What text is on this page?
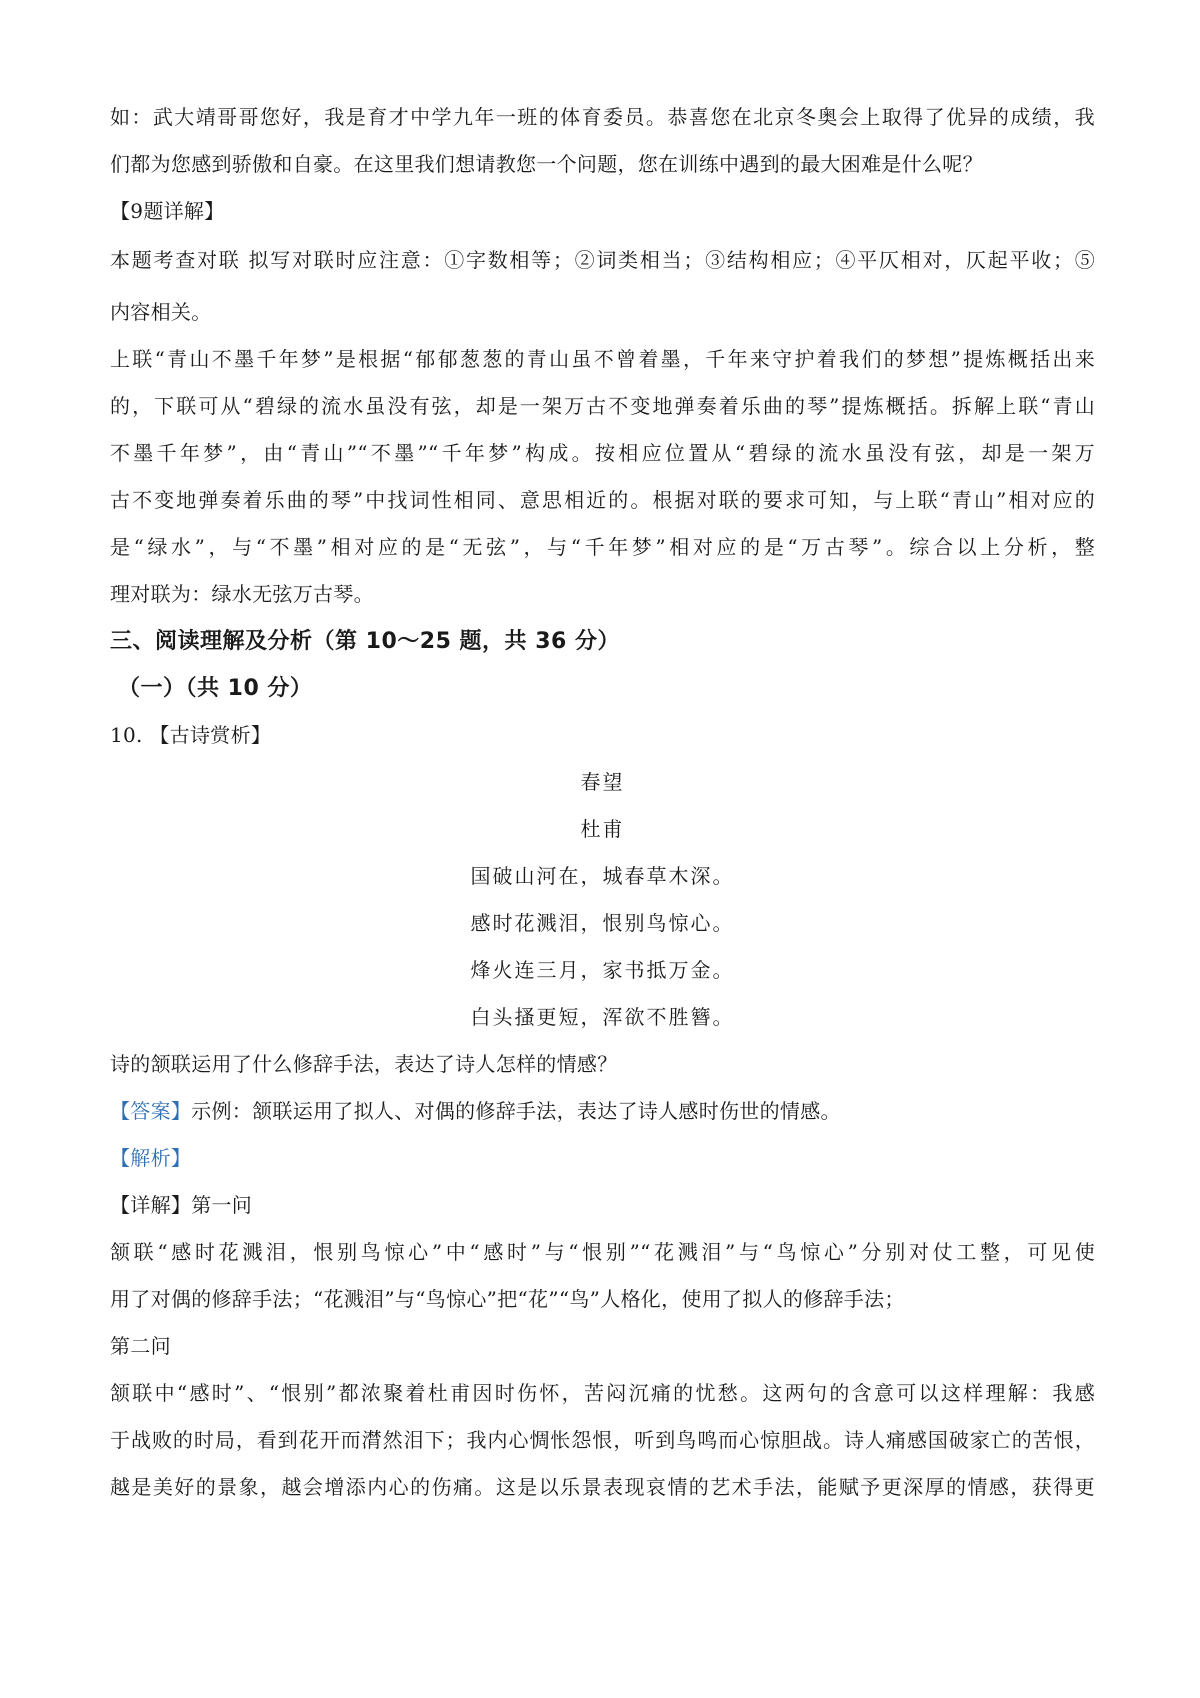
如：武大靖哥哥您好，我是育才中学九年一班的体育委员。恭喜您在北京冬奥会上取得了优异的成绩，我

们都为您感到骄傲和自豪。在这里我们想请教您一个问题，您在训练中遇到的最大困难是什么呢？

【9题详解】

本题考查对联 拟写对联时应注意：①字数相等；②词类相当；③结构相应；④平仄相对，仄起平收；⑤

内容相关。

上联“青山不墨千年梦”是根据“郁郁葱葱的青山虽不曾着墨，千年来守护着我们的梦想”提炼概括出来

的，下联可从“碧绿的流水虽没有弦，却是一架万古不变地弹奏着乐曲的琴”提炼概括。拆解上联“青山

不墨千年梦”，由“青山”“不墨”“千年梦”构成。按相应位置从“碧绿的流水虽没有弦，却是一架万

古不变地弹奏着乐曲的琴”中找词性相同、意思相近的。根据对联的要求可知，与上联“青山”相对应的

是“绿水”，与“不墨”相对应的是“无弦”，与“千年梦”相对应的是“万古琴”。综合以上分析，整

理对联为：绿水无弦万古琴。

三、阅读理解及分析（第 10～25 题，共 36 分）

（一）（共 10 分）

10. 【古诗赏析】

春望
杜甫
国破山河在，城春草木深。
感时花溅泪，恨别鸟惊心。
烽火连三月，家书抵万金。
白头搔更短，浑欲不胜簪。

诗的颔联运用了什么修辞手法，表达了诗人怎样的情感？

【答案】示例：颔联运用了拟人、对偶的修辞手法，表达了诗人感时伤世的情感。

【解析】

【详解】第一问

颔联“感时花溅泪，恨别鸟惊心”中“感时”与“恨别”“花溅泪”与“鸟惊心”分别对仗工整，可见使

用了对偶的修辞手法；“花溅泪”与“鸟惊心”把“花”“鸟”人格化，使用了拟人的修辞手法；

第二问

颔联中“感时”、“恨别”都浓聚着杜甫因时伤怀，苦闷沉痛的忧愁。这两句的含意可以这样理解：我感

于战败的时局，看到花开而潸然泪下；我内心惆怅怨恨，听到鸟鸣而心惊胆战。诗人痛感国破家亡的苦恨，

越是美好的景象，越会增添内心的伤痛。这是以乐景表现哀情的艺术手法，能赋予更深厚的情感，获得更
